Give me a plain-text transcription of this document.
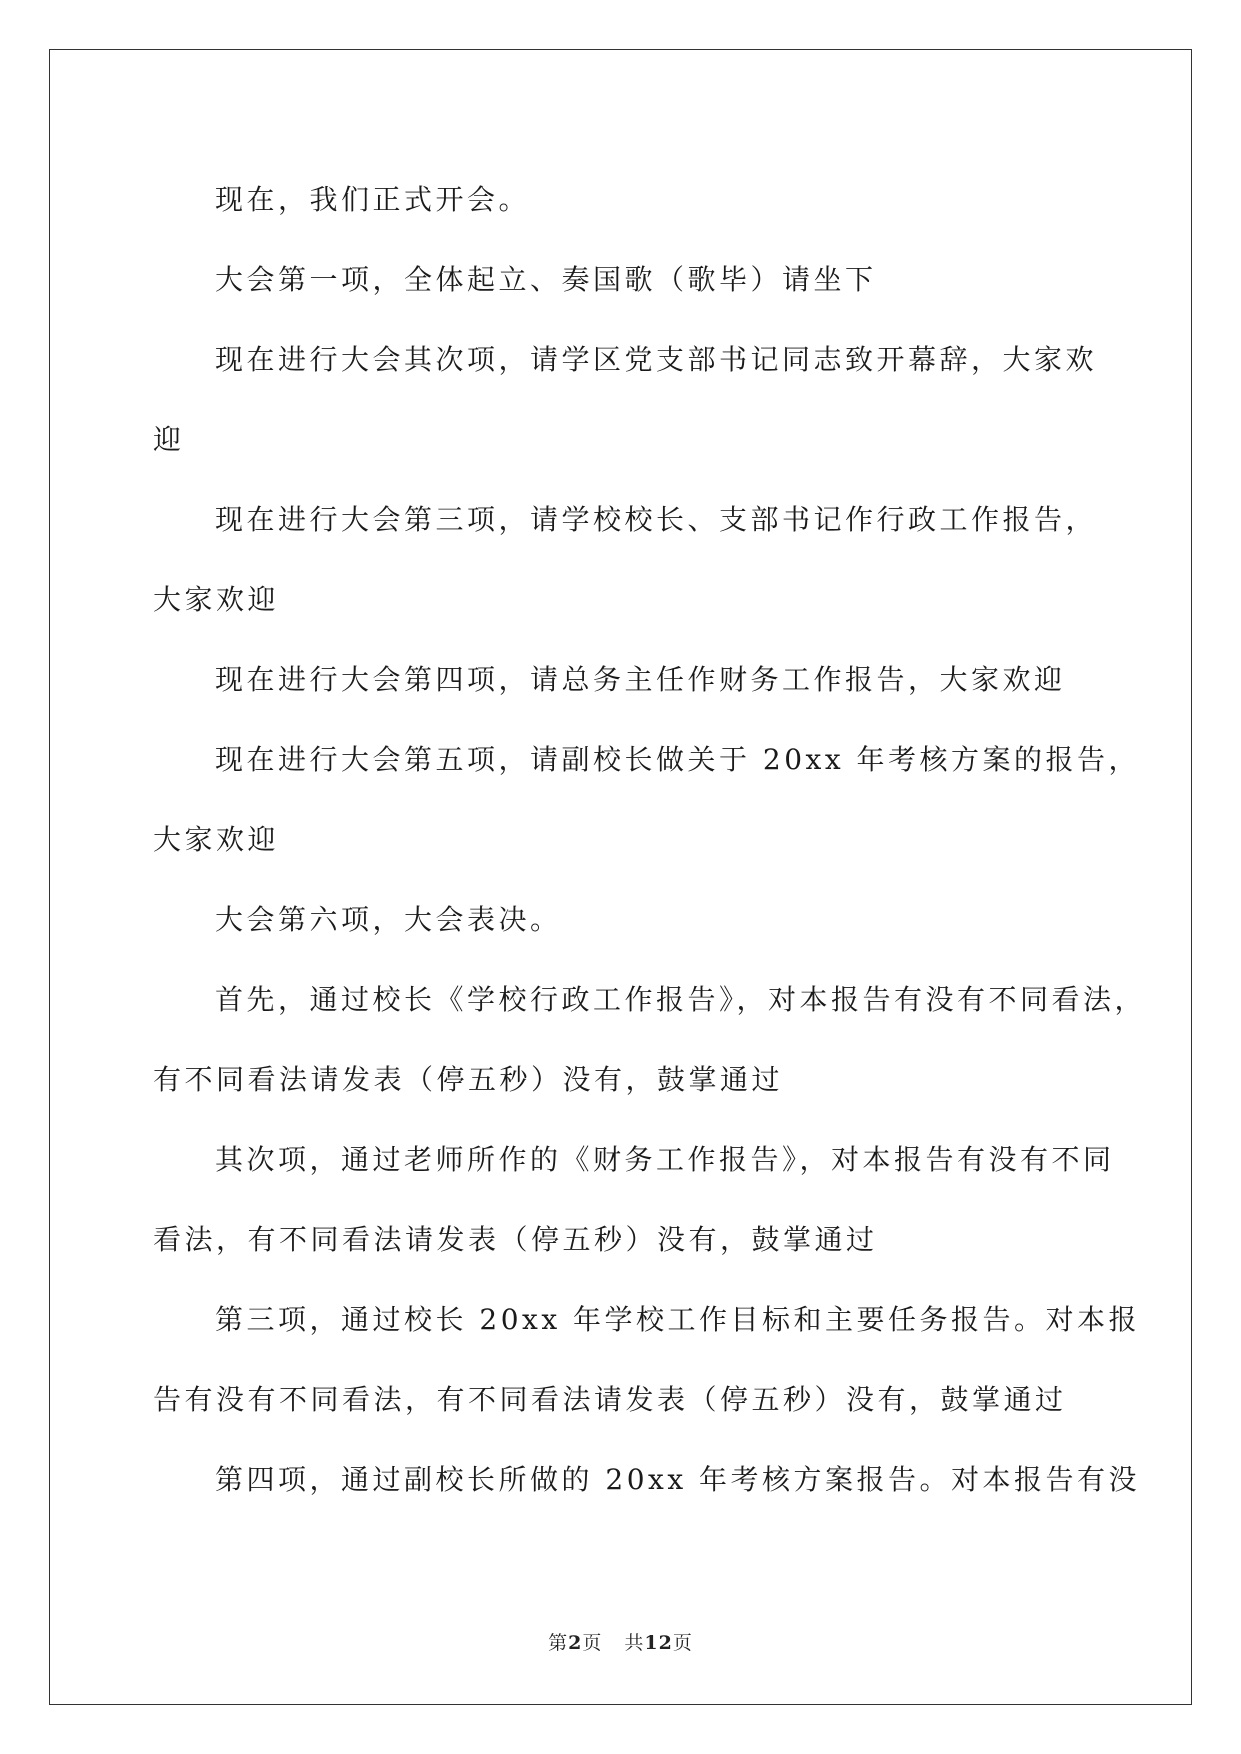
现在，我们正式开会。

大会第一项，全体起立、奏国歌（歌毕）请坐下

现在进行大会其次项，请学区党支部书记同志致开幕辞，大家欢
迎

现在进行大会第三项，请学校校长、支部书记作行政工作报告，
大家欢迎

现在进行大会第四项，请总务主任作财务工作报告，大家欢迎

现在进行大会第五项，请副校长做关于 20xx 年考核方案的报告，
大家欢迎

大会第六项，大会表决。

首先，通过校长《学校行政工作报告》，对本报告有没有不同看法，
有不同看法请发表（停五秒）没有，鼓掌通过

其次项，通过老师所作的《财务工作报告》，对本报告有没有不同
看法，有不同看法请发表（停五秒）没有，鼓掌通过

第三项，通过校长 20xx 年学校工作目标和主要任务报告。对本报
告有没有不同看法，有不同看法请发表（停五秒）没有，鼓掌通过

第四项，通过副校长所做的 20xx 年考核方案报告。对本报告有没

第2页 共12页
